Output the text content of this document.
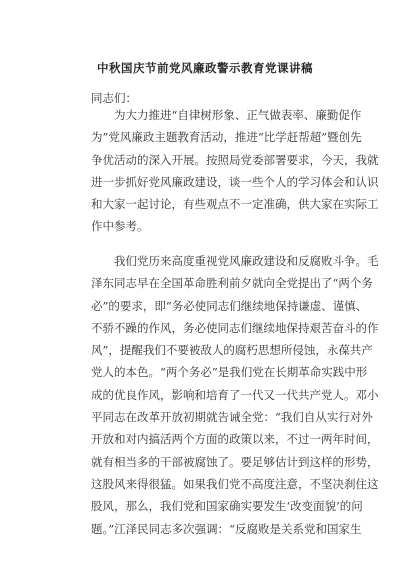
中秋国庆节前党风廉政警示教育党课讲稿
同志们：
为大力推进“自律树形象、正气做表率、廉勤促作
为”党风廉政主题教育活动，推进“比学赶帮超”暨创先
争优活动的深入开展。按照局党委部署要求，今天，我就
进一步抓好党风廉政建设，谈一些个人的学习体会和认识
和大家一起讨论，有些观点不一定准确，供大家在实际工
作中参考。
我们党历来高度重视党风廉政建设和反腐败斗争。毛
泽东同志早在全国革命胜利前夕就向全党提出了“两个务
必”的要求，即“务必使同志们继续地保持谦虚、谨慎、
不骄不躁的作风，务必使同志们继续地保持艰苦奋斗的作
风”，提醒我们不要被敌人的腐朽思想所侵蚀，永葆共产
党人的本色。“两个务必”是我们党在长期革命实践中形
成的优良作风，影响和培育了一代又一代共产党人。邓小
平同志在改革开放初期就告诫全党：“我们自从实行对外
开放和对内搞活两个方面的政策以来，不过一两年时间，
就有相当多的干部被腐蚀了。要足够估计到这样的形势，
这股风来得很猛。如果我们党不高度注意，不坚决刹住这
股风，那么，我们党和国家确实要发生‘改变面貌’的问
题。”江泽民同志多次强调：“反腐败是关系党和国家生
